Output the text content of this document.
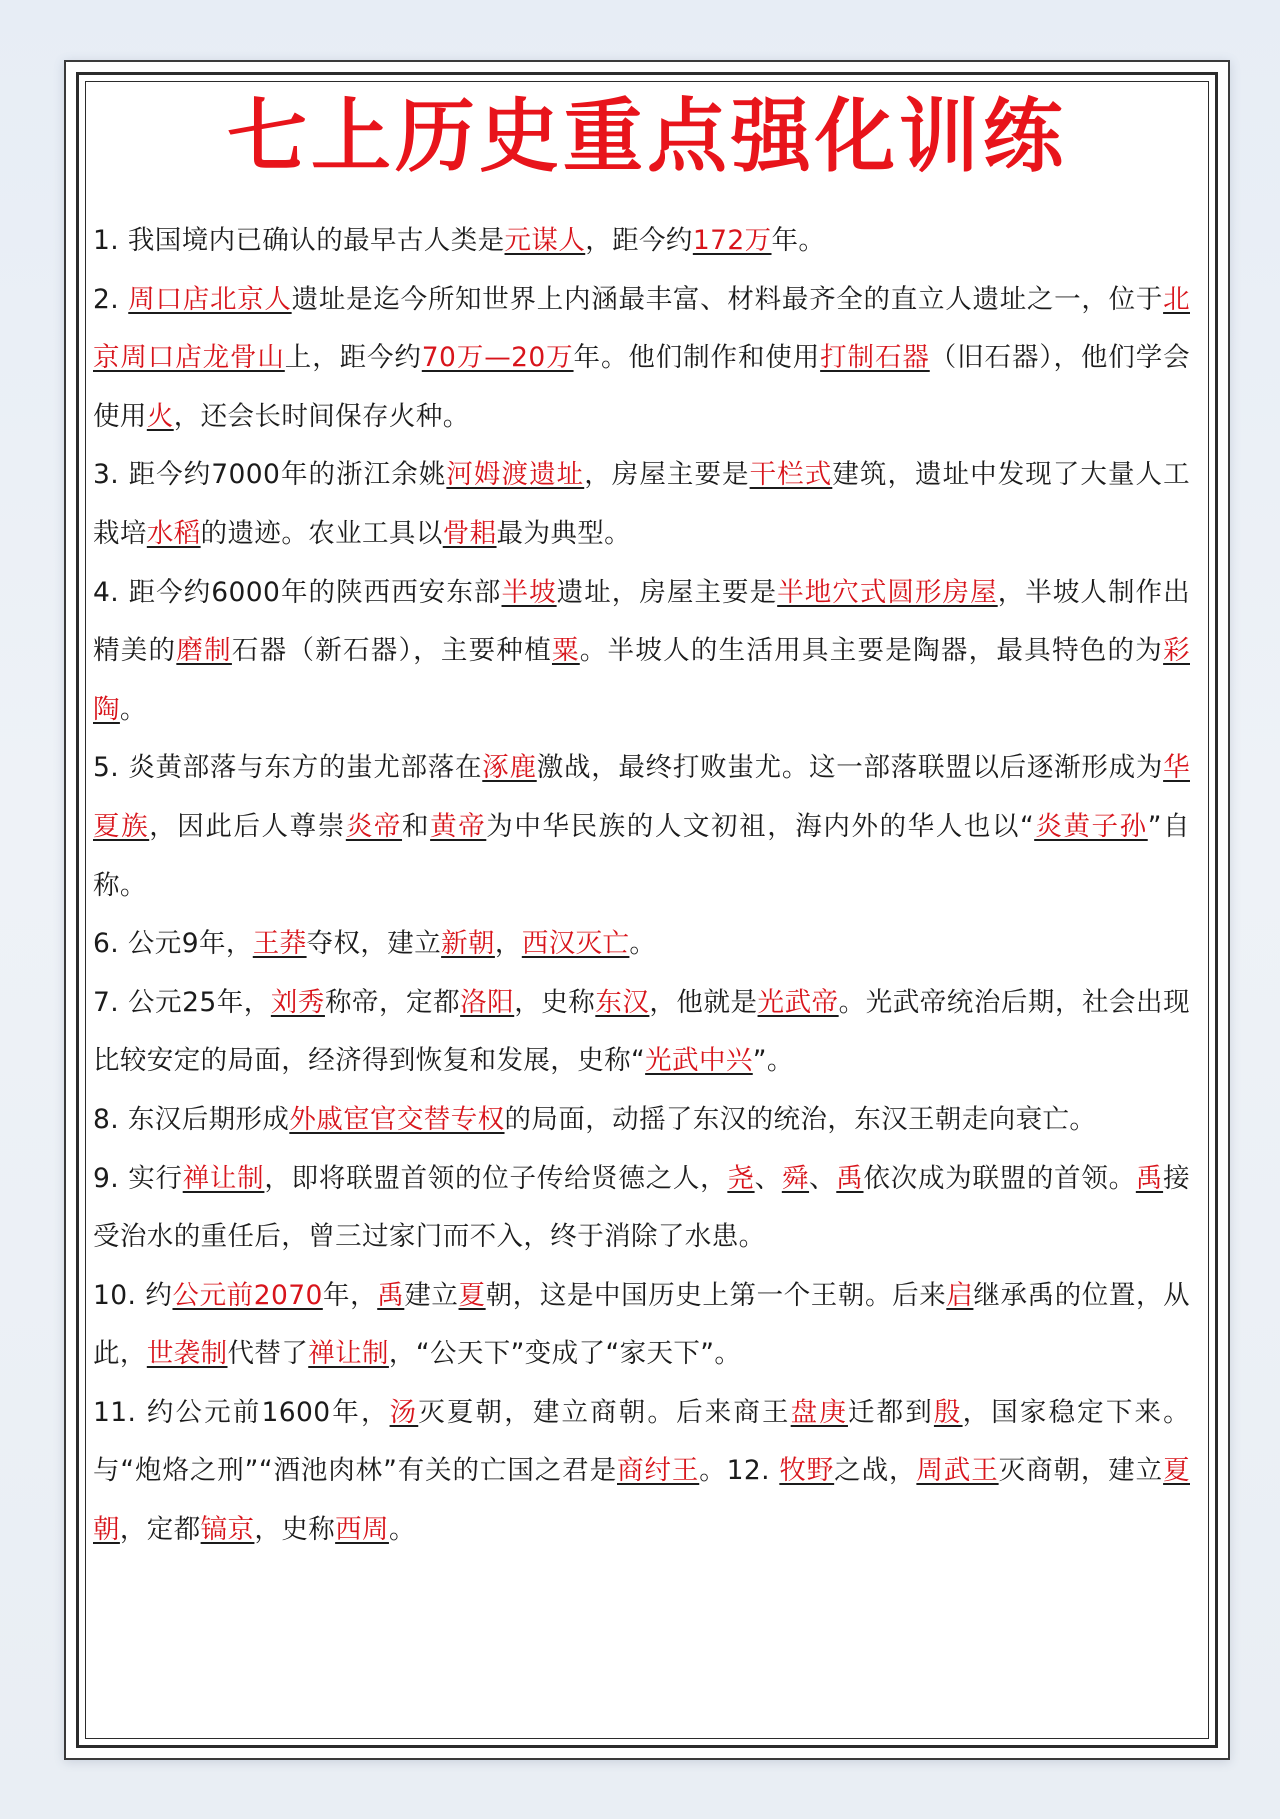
七上历史重点强化训练

1. 我国境内已确认的最早古人类是元谋人，距今约172万年。

2. 周口店北京人遗址是迄今所知世界上内涵最丰富、材料最齐全的直立人遗址之一，位于北京周口店龙骨山上，距今约70万—20万年。他们制作和使用打制石器（旧石器），他们学会使用火，还会长时间保存火种。

3. 距今约7000年的浙江余姚河姆渡遗址，房屋主要是干栏式建筑，遗址中发现了大量人工栽培水稻的遗迹。农业工具以骨耜最为典型。

4. 距今约6000年的陕西西安东部半坡遗址，房屋主要是半地穴式圆形房屋，半坡人制作出精美的磨制石器（新石器），主要种植粟。半坡人的生活用具主要是陶器，最具特色的为彩陶。

5. 炎黄部落与东方的蚩尤部落在涿鹿激战，最终打败蚩尤。这一部落联盟以后逐渐形成为华夏族，因此后人尊崇炎帝和黄帝为中华民族的人文初祖，海内外的华人也以“炎黄子孙”自称。

6. 公元9年，王莽夺权，建立新朝，西汉灭亡。

7. 公元25年，刘秀称帝，定都洛阳，史称东汉，他就是光武帝。光武帝统治后期，社会出现比较安定的局面，经济得到恢复和发展，史称“光武中兴”。

8. 东汉后期形成外戚宦官交替专权的局面，动摇了东汉的统治，东汉王朝走向衰亡。

9. 实行禅让制，即将联盟首领的位子传给贤德之人，尧、舜、禹依次成为联盟的首领。禹接受治水的重任后，曾三过家门而不入，终于消除了水患。

10. 约公元前2070年，禹建立夏朝，这是中国历史上第一个王朝。后来启继承禹的位置，从此，世袭制代替了禅让制，“公天下”变成了“家天下”。

11. 约公元前1600年，汤灭夏朝，建立商朝。后来商王盘庚迁都到殷，国家稳定下来。与“炮烙之刑”“酒池肉林”有关的亡国之君是商纣王。12. 牧野之战，周武王灭商朝，建立夏朝，定都镐京，史称西周。
